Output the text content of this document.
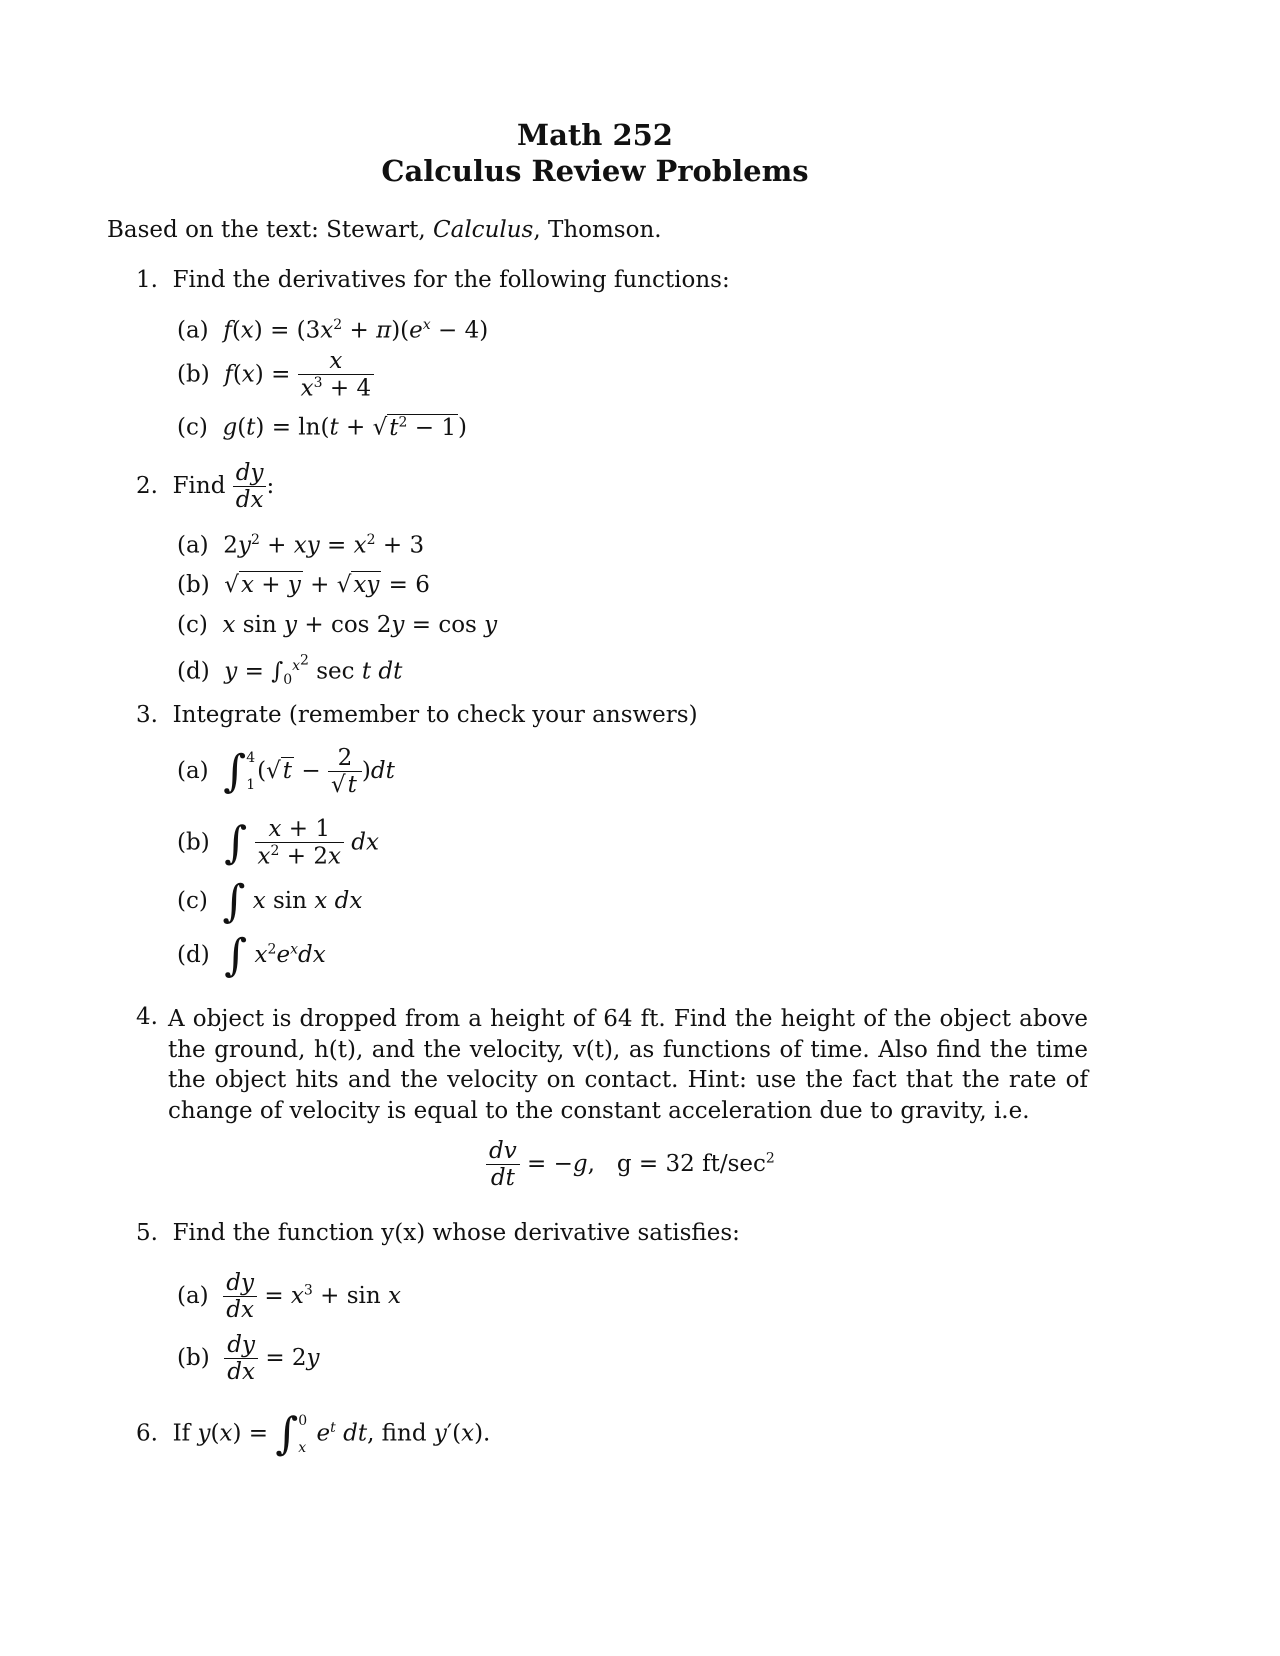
Math 252
Calculus Review Problems
Based on the text: Stewart, Calculus, Thomson.
1. Find the derivatives for the following functions:
(a) $f(x) = (3x^2 + \pi)(e^x - 4)$
(b) $f(x) = \frac{x}{x^3 + 4}$
(c) $g(t) = \ln(t + √t^2 - 1)$
2. Find $\frac{dy}{dx}$ :
(a)  $2y^2$ + xy = $x^2 + 3$
(b)  √x + y + √xy = 6
(c) x sin y + cos 2y = cos y
(d) $y = \int_0^{x^2}$ sec t dt
3. Integrate (remember to check your answers)
(a) ∫ 4
1
$(√t - \frac{2}{√t} )dt$
(b) ∫ $\frac{x + 1}{x^2 + 2x}$ dx
(c) ∫ x sin x dx
(d) ∫ $x^2e^xdx$
4. A object is dropped from a height of 64 ft. Find the height of the object above the ground, h(t), and the velocity, v(t), as functions of time. Also find the time the object hits and the velocity on contact. Hint: use the fact that the rate of change of velocity is equal to the constant acceleration due to gravity, i.e.
$\frac{dv}{dt} = -g$,   g = 32 $ft/\sec^2$
5. Find the function y(x) whose derivative satisfies:
$(a) \frac{dy}{dx} = x^3 + \sin x$
$(b) \frac{dy}{dx} = 2y$
6. If y(x) = ∫ 0
x
$e^t$ dt, find y′(x).
